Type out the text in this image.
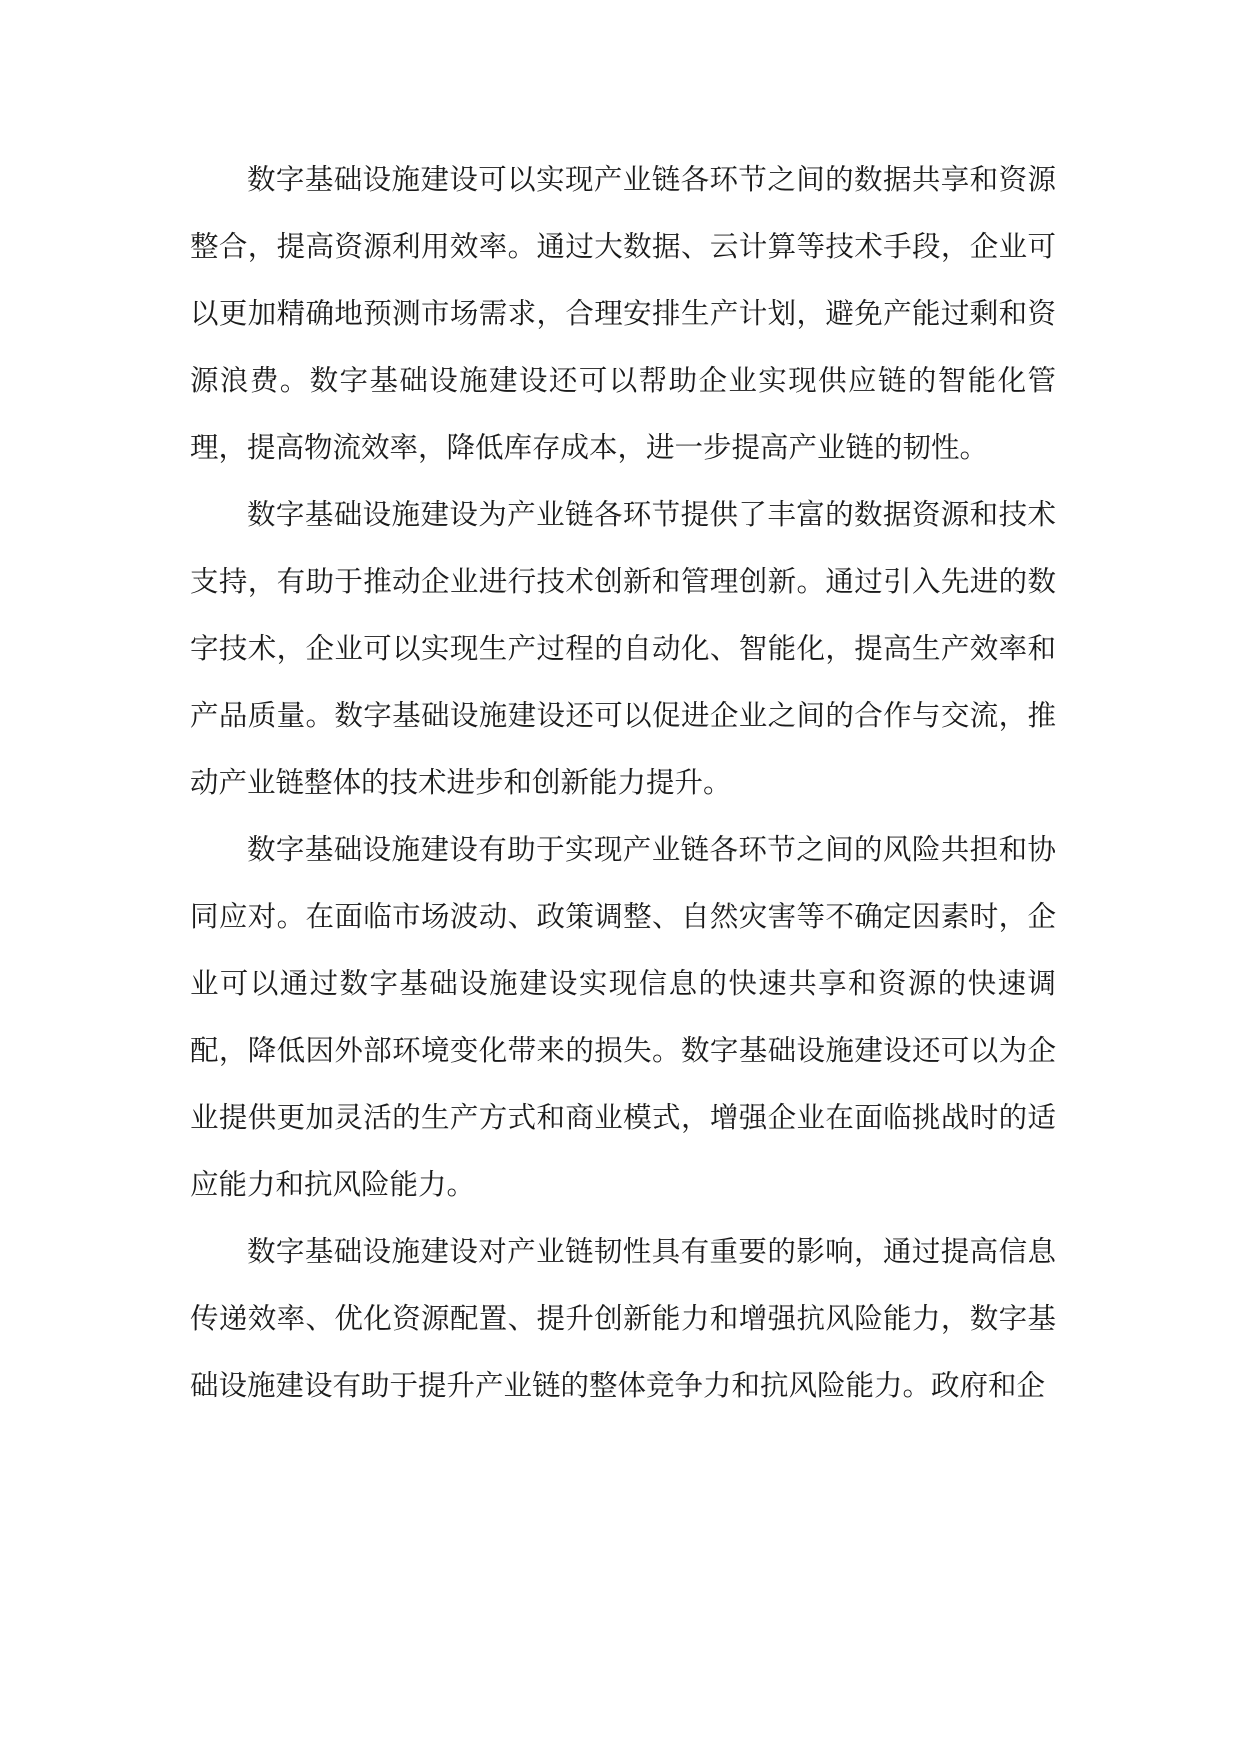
数字基础设施建设可以实现产业链各环节之间的数据共享和资源整合，提高资源利用效率。通过大数据、云计算等技术手段，企业可以更加精确地预测市场需求，合理安排生产计划，避免产能过剩和资源浪费。数字基础设施建设还可以帮助企业实现供应链的智能化管理，提高物流效率，降低库存成本，进一步提高产业链的韧性。

数字基础设施建设为产业链各环节提供了丰富的数据资源和技术支持，有助于推动企业进行技术创新和管理创新。通过引入先进的数字技术，企业可以实现生产过程的自动化、智能化，提高生产效率和产品质量。数字基础设施建设还可以促进企业之间的合作与交流，推动产业链整体的技术进步和创新能力提升。

数字基础设施建设有助于实现产业链各环节之间的风险共担和协同应对。在面临市场波动、政策调整、自然灾害等不确定因素时，企业可以通过数字基础设施建设实现信息的快速共享和资源的快速调配，降低因外部环境变化带来的损失。数字基础设施建设还可以为企业提供更加灵活的生产方式和商业模式，增强企业在面临挑战时的适应能力和抗风险能力。

数字基础设施建设对产业链韧性具有重要的影响，通过提高信息传递效率、优化资源配置、提升创新能力和增强抗风险能力，数字基础设施建设有助于提升产业链的整体竞争力和抗风险能力。政府和企
